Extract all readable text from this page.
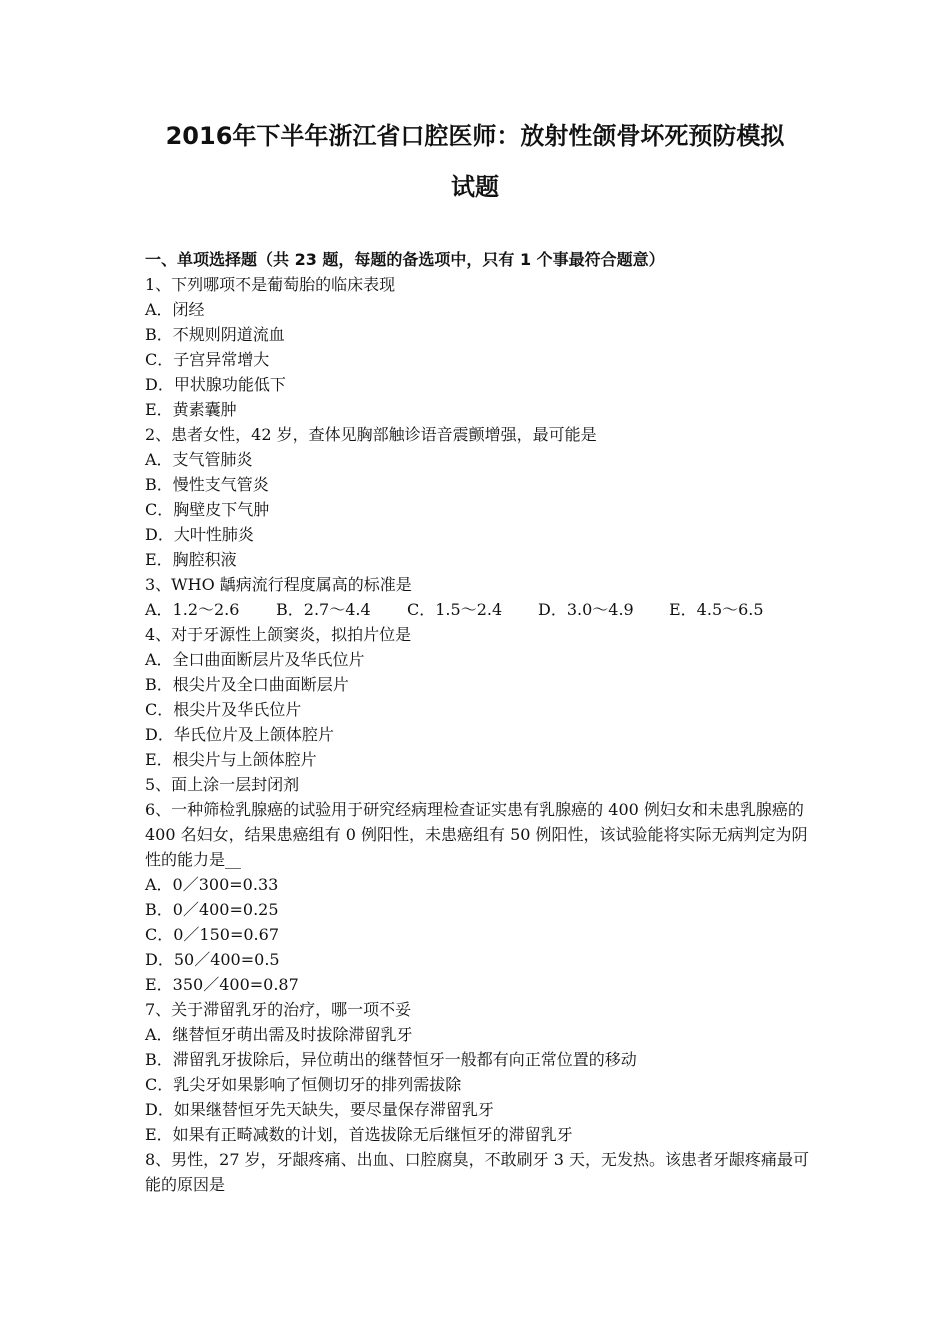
2016年下半年浙江省口腔医师：放射性颌骨坏死预防模拟
试题
一、单项选择题（共 23 题，每题的备选项中，只有 1 个事最符合题意）
1、下列哪项不是葡萄胎的临床表现
A．闭经
B．不规则阴道流血
C．子宫异常增大
D．甲状腺功能低下
E．黄素囊肿
2、患者女性，42 岁，查体见胸部触诊语音震颤增强，最可能是
A．支气管肺炎
B．慢性支气管炎
C．胸壁皮下气肿
D．大叶性肺炎
E．胸腔积液
3、WHO 龋病流行程度属高的标准是
A．1.2～2.6	B．2.7～4.4	C．1.5～2.4	D．3.0～4.9	E．4.5～6.5
4、对于牙源性上颌窦炎，拟拍片位是
A．全口曲面断层片及华氏位片
B．根尖片及全口曲面断层片
C．根尖片及华氏位片
D．华氏位片及上颌体腔片
E．根尖片与上颌体腔片
5、面上涂一层封闭剂
6、一种筛检乳腺癌的试验用于研究经病理检查证实患有乳腺癌的 400 例妇女和未患乳腺癌的 400 名妇女，结果患癌组有 0 例阳性，未患癌组有 50 例阳性，该试验能将实际无病判定为阴性的能力是__
A．0／300=0.33
B．0／400=0.25
C．0／150=0.67
D．50／400=0.5
E．350／400=0.87
7、关于滞留乳牙的治疗，哪一项不妥
A．继替恒牙萌出需及时拔除滞留乳牙
B．滞留乳牙拔除后，异位萌出的继替恒牙一般都有向正常位置的移动
C．乳尖牙如果影响了恒侧切牙的排列需拔除
D．如果继替恒牙先天缺失，要尽量保存滞留乳牙
E．如果有正畸减数的计划，首选拔除无后继恒牙的滞留乳牙
8、男性，27 岁，牙龈疼痛、出血、口腔腐臭，不敢刷牙 3 天，无发热。该患者牙龈疼痛最可能的原因是
